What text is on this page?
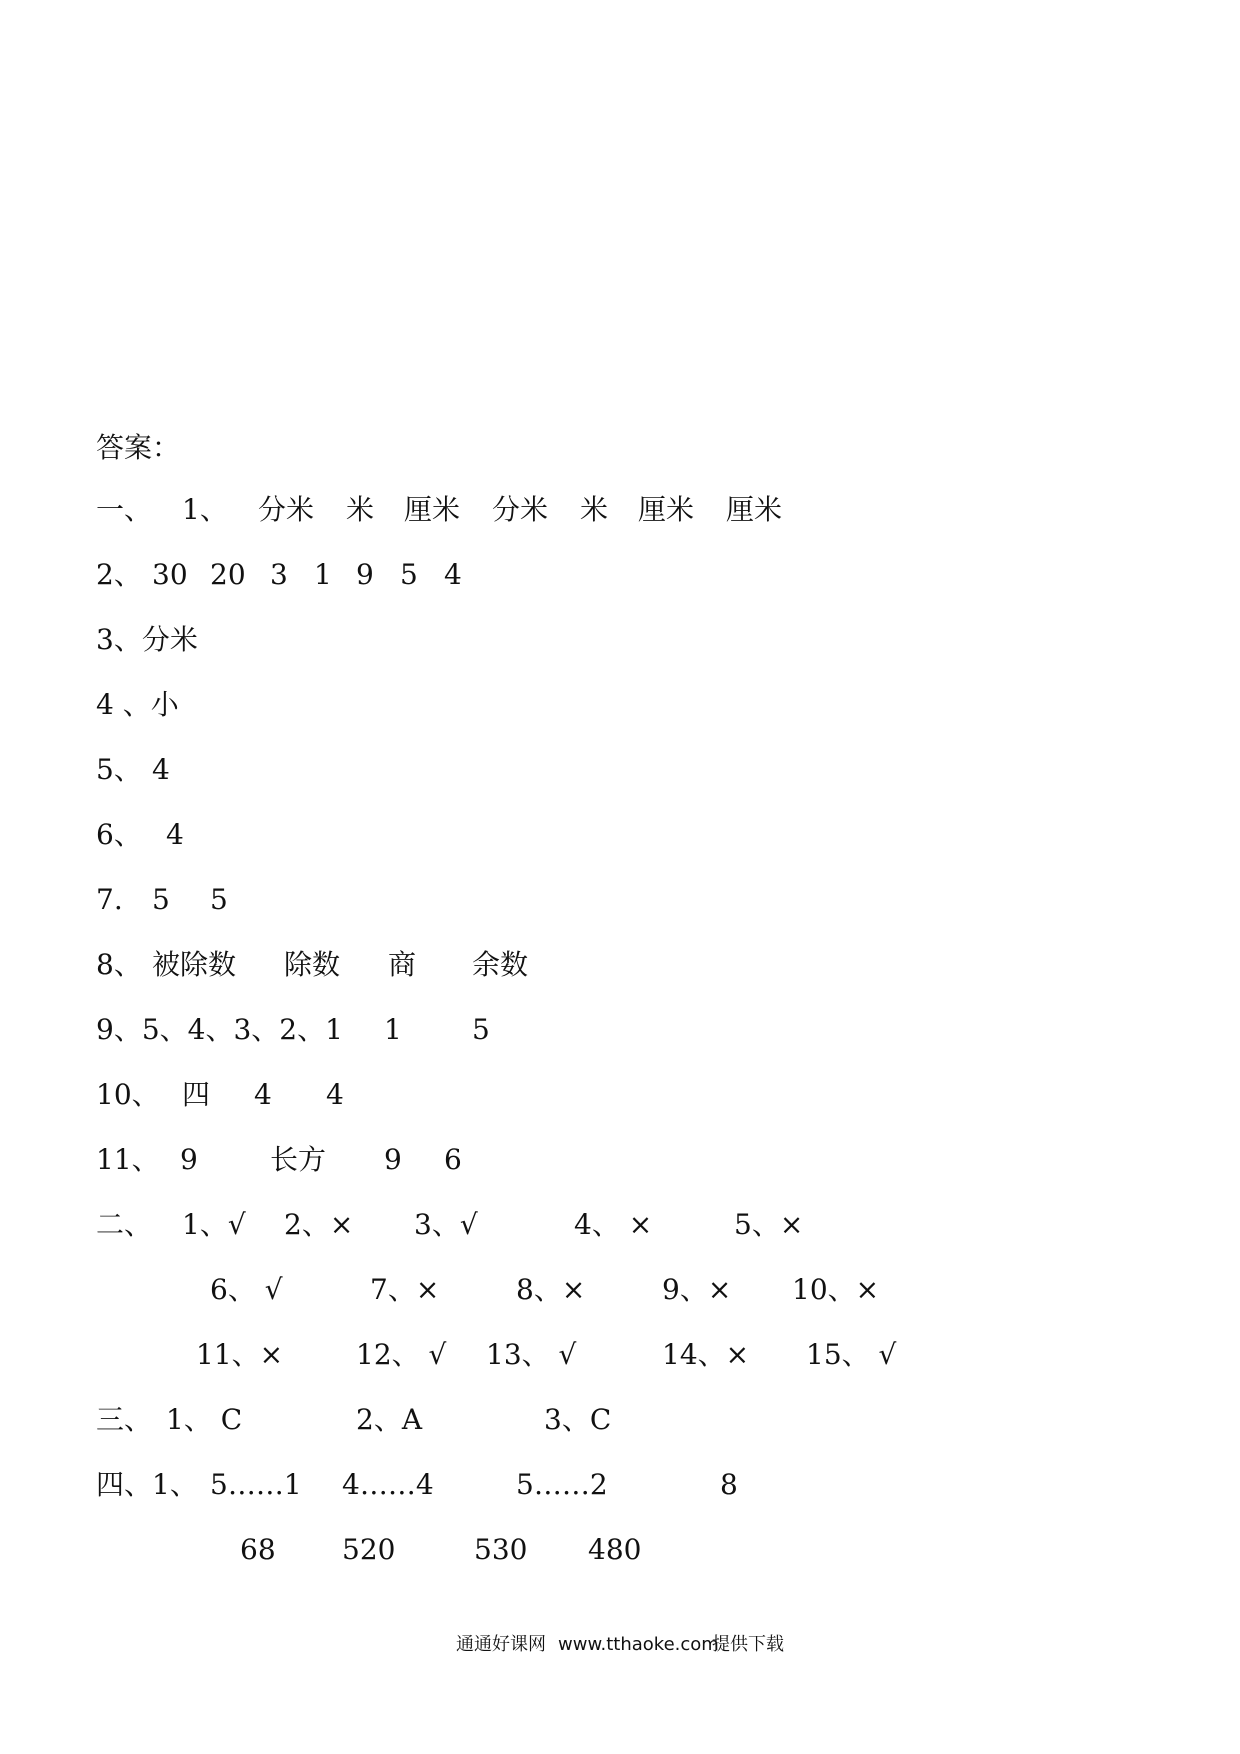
答案：
一、 1、 分米 米 厘米 分米 米 厘米 厘米
2、 30 20 3 1 9 5 4
3、分米
4 、小
5、 4
6、 4
7. 5 5
8、 被除数 除数 商 余数
9、5、4、3、2、1 1	5
10、 四 4 4
11、 9	长方 9 6
二、 1、√ 2、× 3、√	4、 ×	5、×
6、 √	7、×	8、×	9、× 10、×
11、×	12、 √ 13、 √	14、× 15、 √
三、 1、 C	2、A	3、C
四、1、 5……1 4……4	5……2	8
68 520	530 480
通通好课网 www.tthaoke.com
提供下载
